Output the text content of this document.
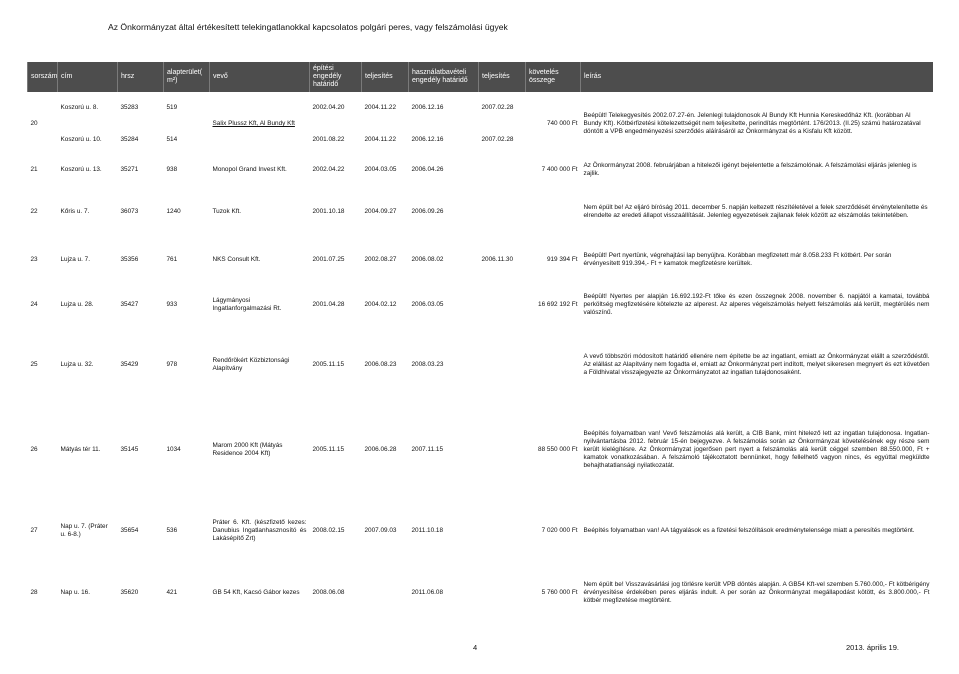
Az Önkormányzat által értékesített telekingatlanokkal kapcsolatos polgári peres, vagy felszámolási ügyek
sorszám	cím	hrsz	alapterület( m²)	vevő	építési engedély határidő	teljesítés	használatbavételi engedély határidő	teljesítés	követelés összege	leírás
20	Koszorú u. 8.	35283	519	Salix Plussz Kft, Al Bundy Kft	2002.04.20	2004.11.22	2006.12.16	2007.02.28	740 000 Ft	Beépült! Telekegyesítés 2002.07.27-én. Jelenlegi tulajdonosok Al Bundy Kft Hunnia Kereskedőház Kft. (korábban Al Bundy Kft). Kötbérfizetési kötelezettségét nem teljesítette, perindítás megtörtént. 176/2013. (II.25) számú határozatával döntött a VPB engedményezési szerződés aláírásáról az Önkormányzat és a Kisfalu Kft között.
	Koszorú u. 10.	35284	514		2001.08.22	2004.11.22	2006.12.16	2007.02.28		
21	Koszorú u. 13.	35271	938	Monopol Grand Invest Kft.	2002.04.22	2004.03.05	2006.04.26		7 400 000 Ft	Az Önkormányzat 2008. februárjában a hitelezői igényt bejelentette a felszámolónak. A felszámolási eljárás jelenleg is zajlik.
22	Kőris u. 7.	36073	1240	Tuzok Kft.	2001.10.18	2004.09.27	2006.09.26			Nem épült be! Az eljáró bíróság 2011. december 5. napján keltezett részítéletével a felek szerződését érvénytelenítette és elrendelte az eredeti állapot visszaállítását. Jelenleg egyezetések zajlanak felek között az elszámolás tekintetében.
23	Lujza u. 7.	35356	761	NKS Consult Kft.	2001.07.25	2002.08.27	2006.08.02	2006.11.30	919 394 Ft	Beépült! Pert nyertünk, végrehajtási lap benyújtva. Korábban megfizetett már 8.058.233 Ft kötbért. Per során érvényesített 919.394,- Ft + kamatok megfizetésre kerültek.
24	Lujza u. 28.	35427	933	Lágymányosi Ingatlanforgalmazási Rt.	2001.04.28	2004.02.12	2006.03.05		16 692 192 Ft	Beépült! Nyertes per alapján 16.692.192-Ft tőke és ezen összegnek 2008. november 6. napjától a kamatai, továbbá perköltség megfizetésére kötelezte az alperest. Az alperes végelszámolás helyett felszámolás alá került, megtérülés nem valószínű.
25	Lujza u. 32.	35429	978	Rendőrökért Közbiztonsági Alapítvány	2005.11.15	2006.08.23	2008.03.23			A vevő többszöri módosított határidő ellenére nem építette be az ingatlant, emiatt az Önkormányzat elállt a szerződéstől. Az elállást az Alapítvány nem fogadta el, emiatt az Önkormányzat pert indított, melyet sikeresen megnyert és ezt követően a Földhivatal visszajegyezte az Önkormányzatot az ingatlan tulajdonosaként.
26	Mátyás tér 11.	35145	1034	Marom 2000 Kft (Mátyás Residence 2004 Kft)	2005.11.15	2006.06.28	2007.11.15		88 550 000 Ft	Beépítés folyamatban van! Vevő felszámolás alá került, a CIB Bank, mint hitelező lett az ingatlan tulajdonosa. Ingatlan-nyilvántartásba 2012. február 15-én bejegyezve. A felszámolás során az Önkormányzat követelésének egy része sem került kielégítésre. Az Önkormányzat jogerősen pert nyert a felszámolás alá került céggel szemben 88.550.000, Ft + kamatok vonatkozásában. A felszámoló tájékoztatott bennünket, hogy fellelhető vagyon nincs, és egyúttal megküldte behajthatatlansági nyilatkozatát.
27	Nap u. 7. (Práter u. 6-8.)	35654	536	Práter 6. Kft. (készfizető kezes: Danubius Ingatlanhasznosító és Lakásépítő Zrt)	2008.02.15	2007.09.03	2011.10.18		7 020 000 Ft	Beépítés folyamatban van! AA tágyalások es a fizetési felszólítások eredménytelensége miatt a peresítés megtörtént.
28	Nap u. 16.	35620	421	GB 54 Kft, Kacsó Gábor kezes	2008.06.08		2011.06.08		5 760 000 Ft	Nem épült be! Visszavásárlási jog törlésre került VPB döntés alapján. A GB54 Kft-vel szemben 5.760.000,- Ft kötbérigény érvényesítése érdekében peres eljárás indult. A per során az Önkormányzat megállapodást kötött, és 3.800.000,- Ft kötbér megfizetése megtörtént.
4	2013. április 19.
